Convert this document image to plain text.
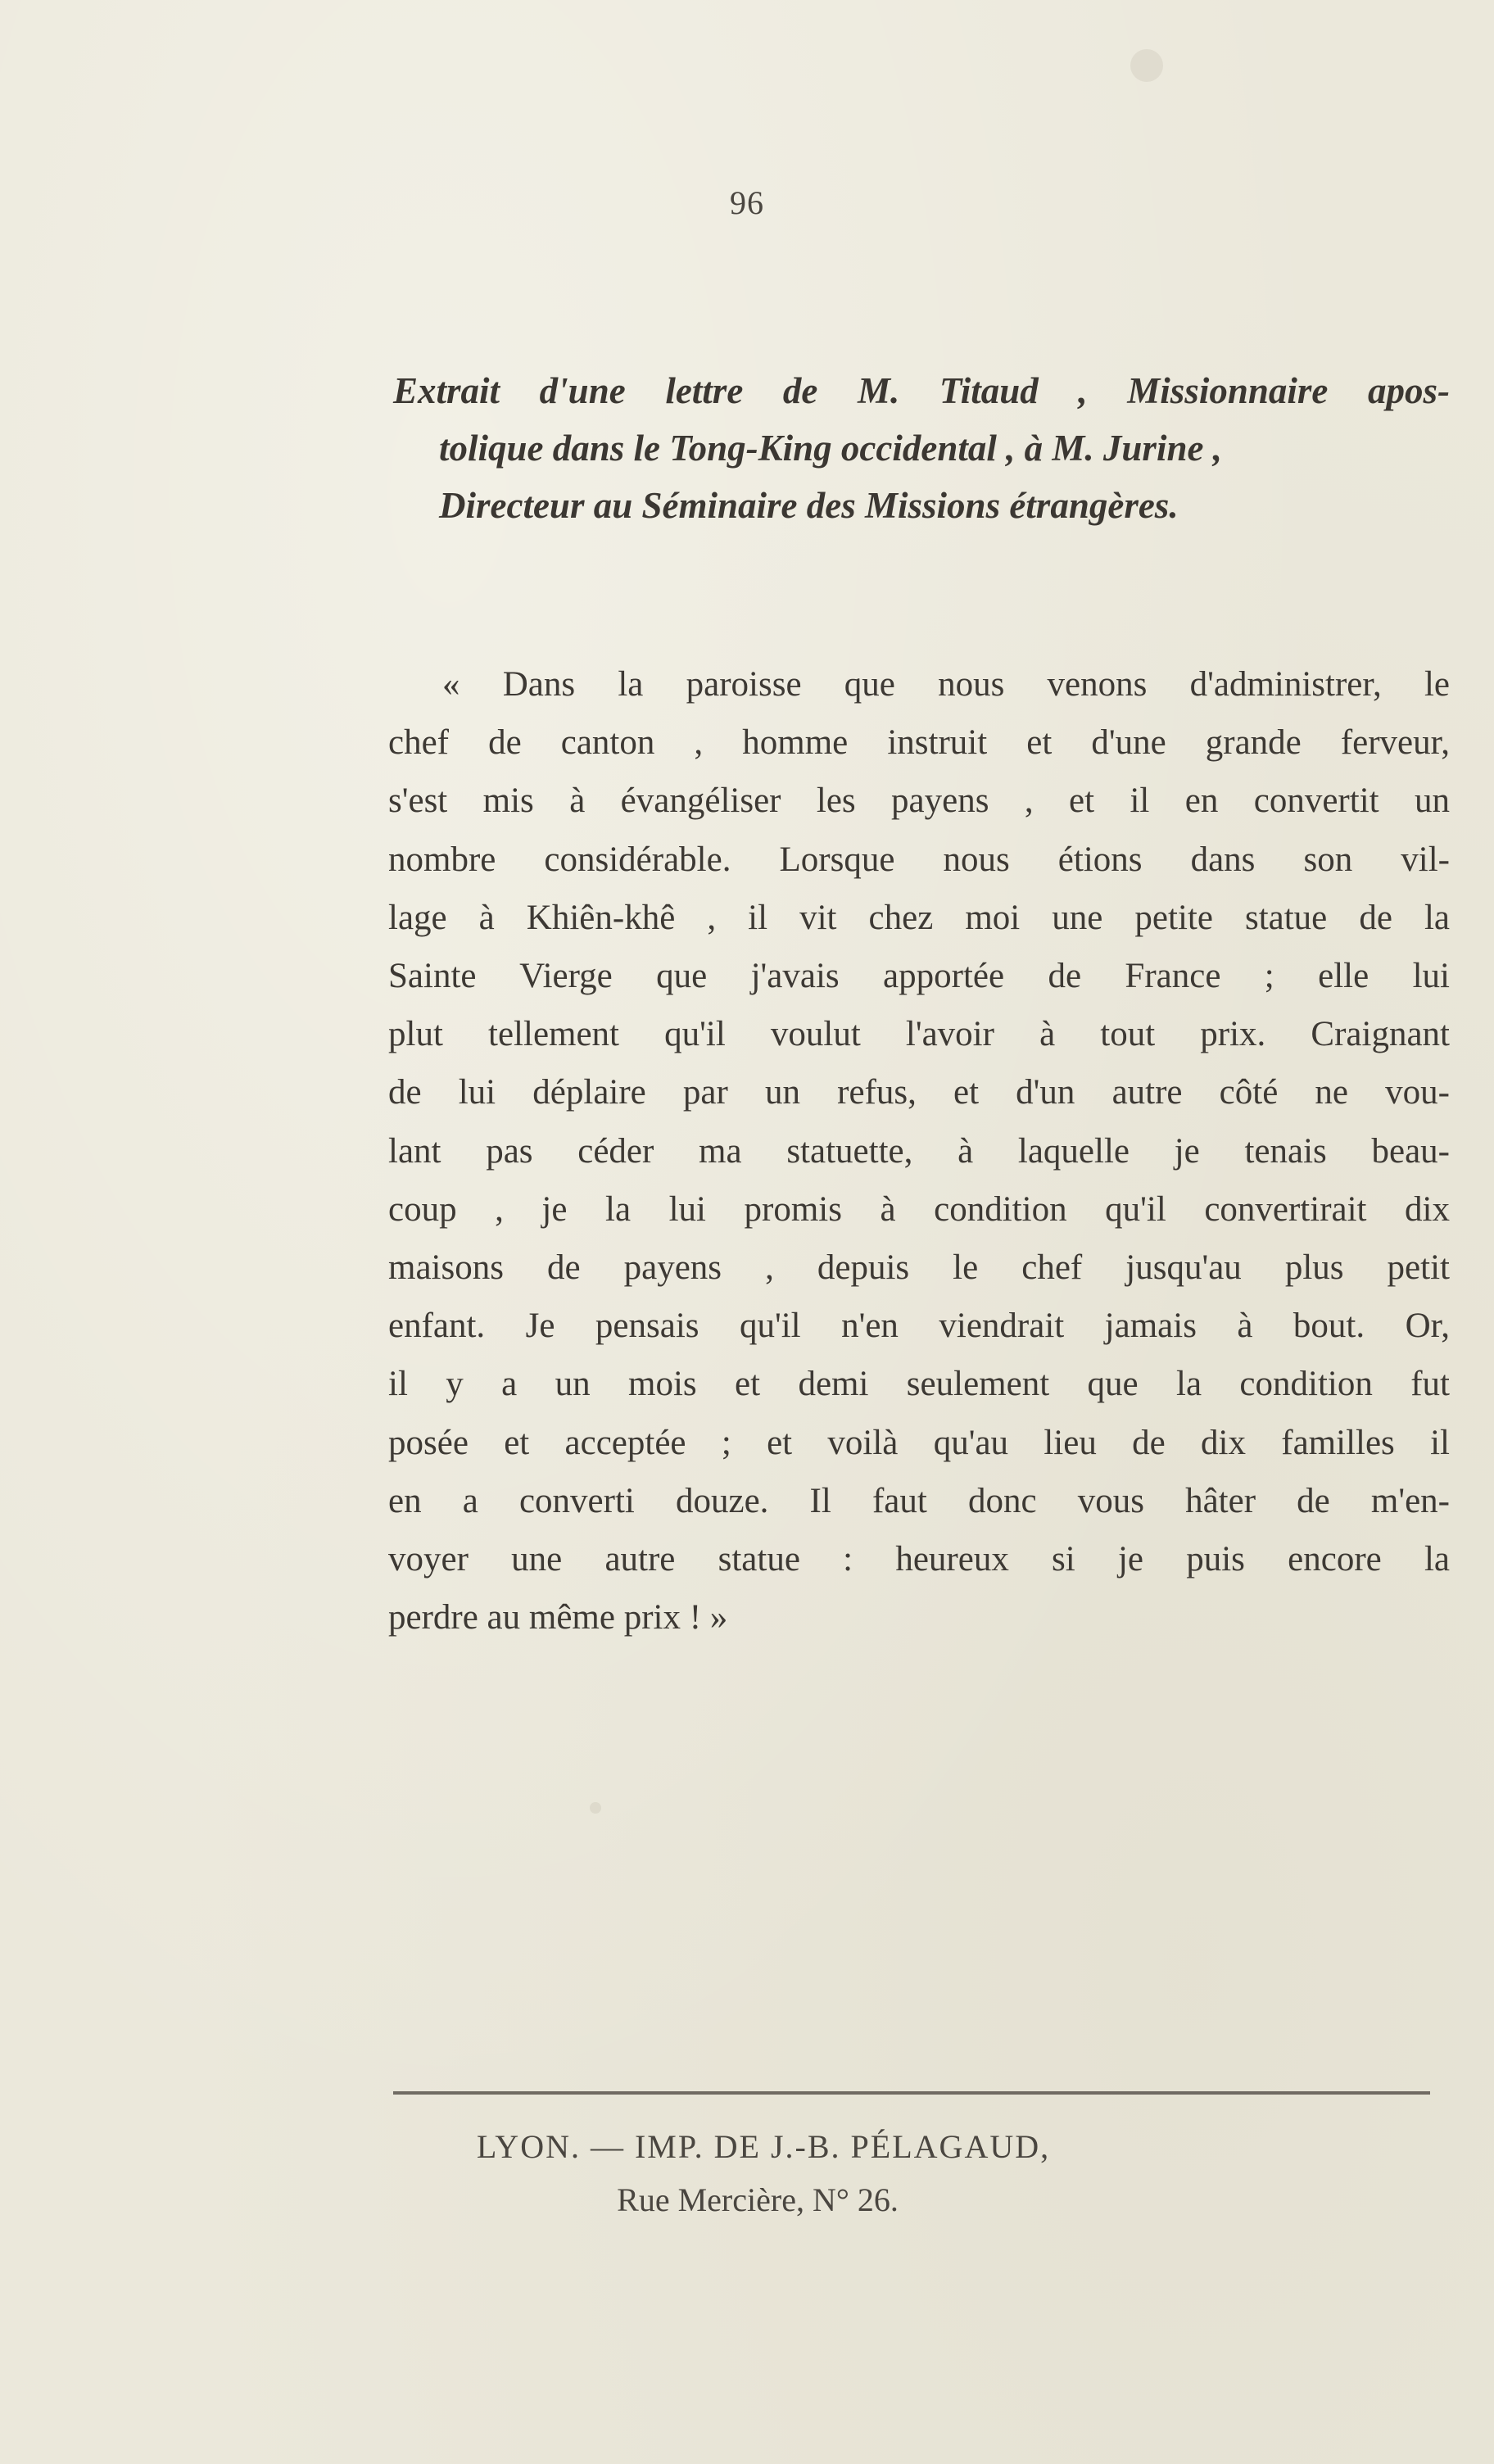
96
Extrait d'une lettre de M. Titaud , Missionnaire apos-
tolique dans le Tong-King occidental , à M. Jurine ,
Directeur au Séminaire des Missions étrangères.
« Dans la paroisse que nous venons d'administrer, le
chef de canton , homme instruit et d'une grande ferveur,
s'est mis à évangéliser les payens , et il en convertit un
nombre considérable. Lorsque nous étions dans son vil-
lage à Khiên-khê , il vit chez moi une petite statue de la
Sainte Vierge que j'avais apportée de France ; elle lui
plut tellement qu'il voulut l'avoir à tout prix. Craignant
de lui déplaire par un refus, et d'un autre côté ne vou-
lant pas céder ma statuette, à laquelle je tenais beau-
coup , je la lui promis à condition qu'il convertirait dix
maisons de payens , depuis le chef jusqu'au plus petit
enfant. Je pensais qu'il n'en viendrait jamais à bout. Or,
il y a un mois et demi seulement que la condition fut
posée et acceptée ; et voilà qu'au lieu de dix familles il
en a converti douze. Il faut donc vous hâter de m'en-
voyer une autre statue : heureux si je puis encore la
perdre au même prix ! »
LYON. — IMP. DE J.-B. PÉLAGAUD,
Rue Mercière, N° 26.
